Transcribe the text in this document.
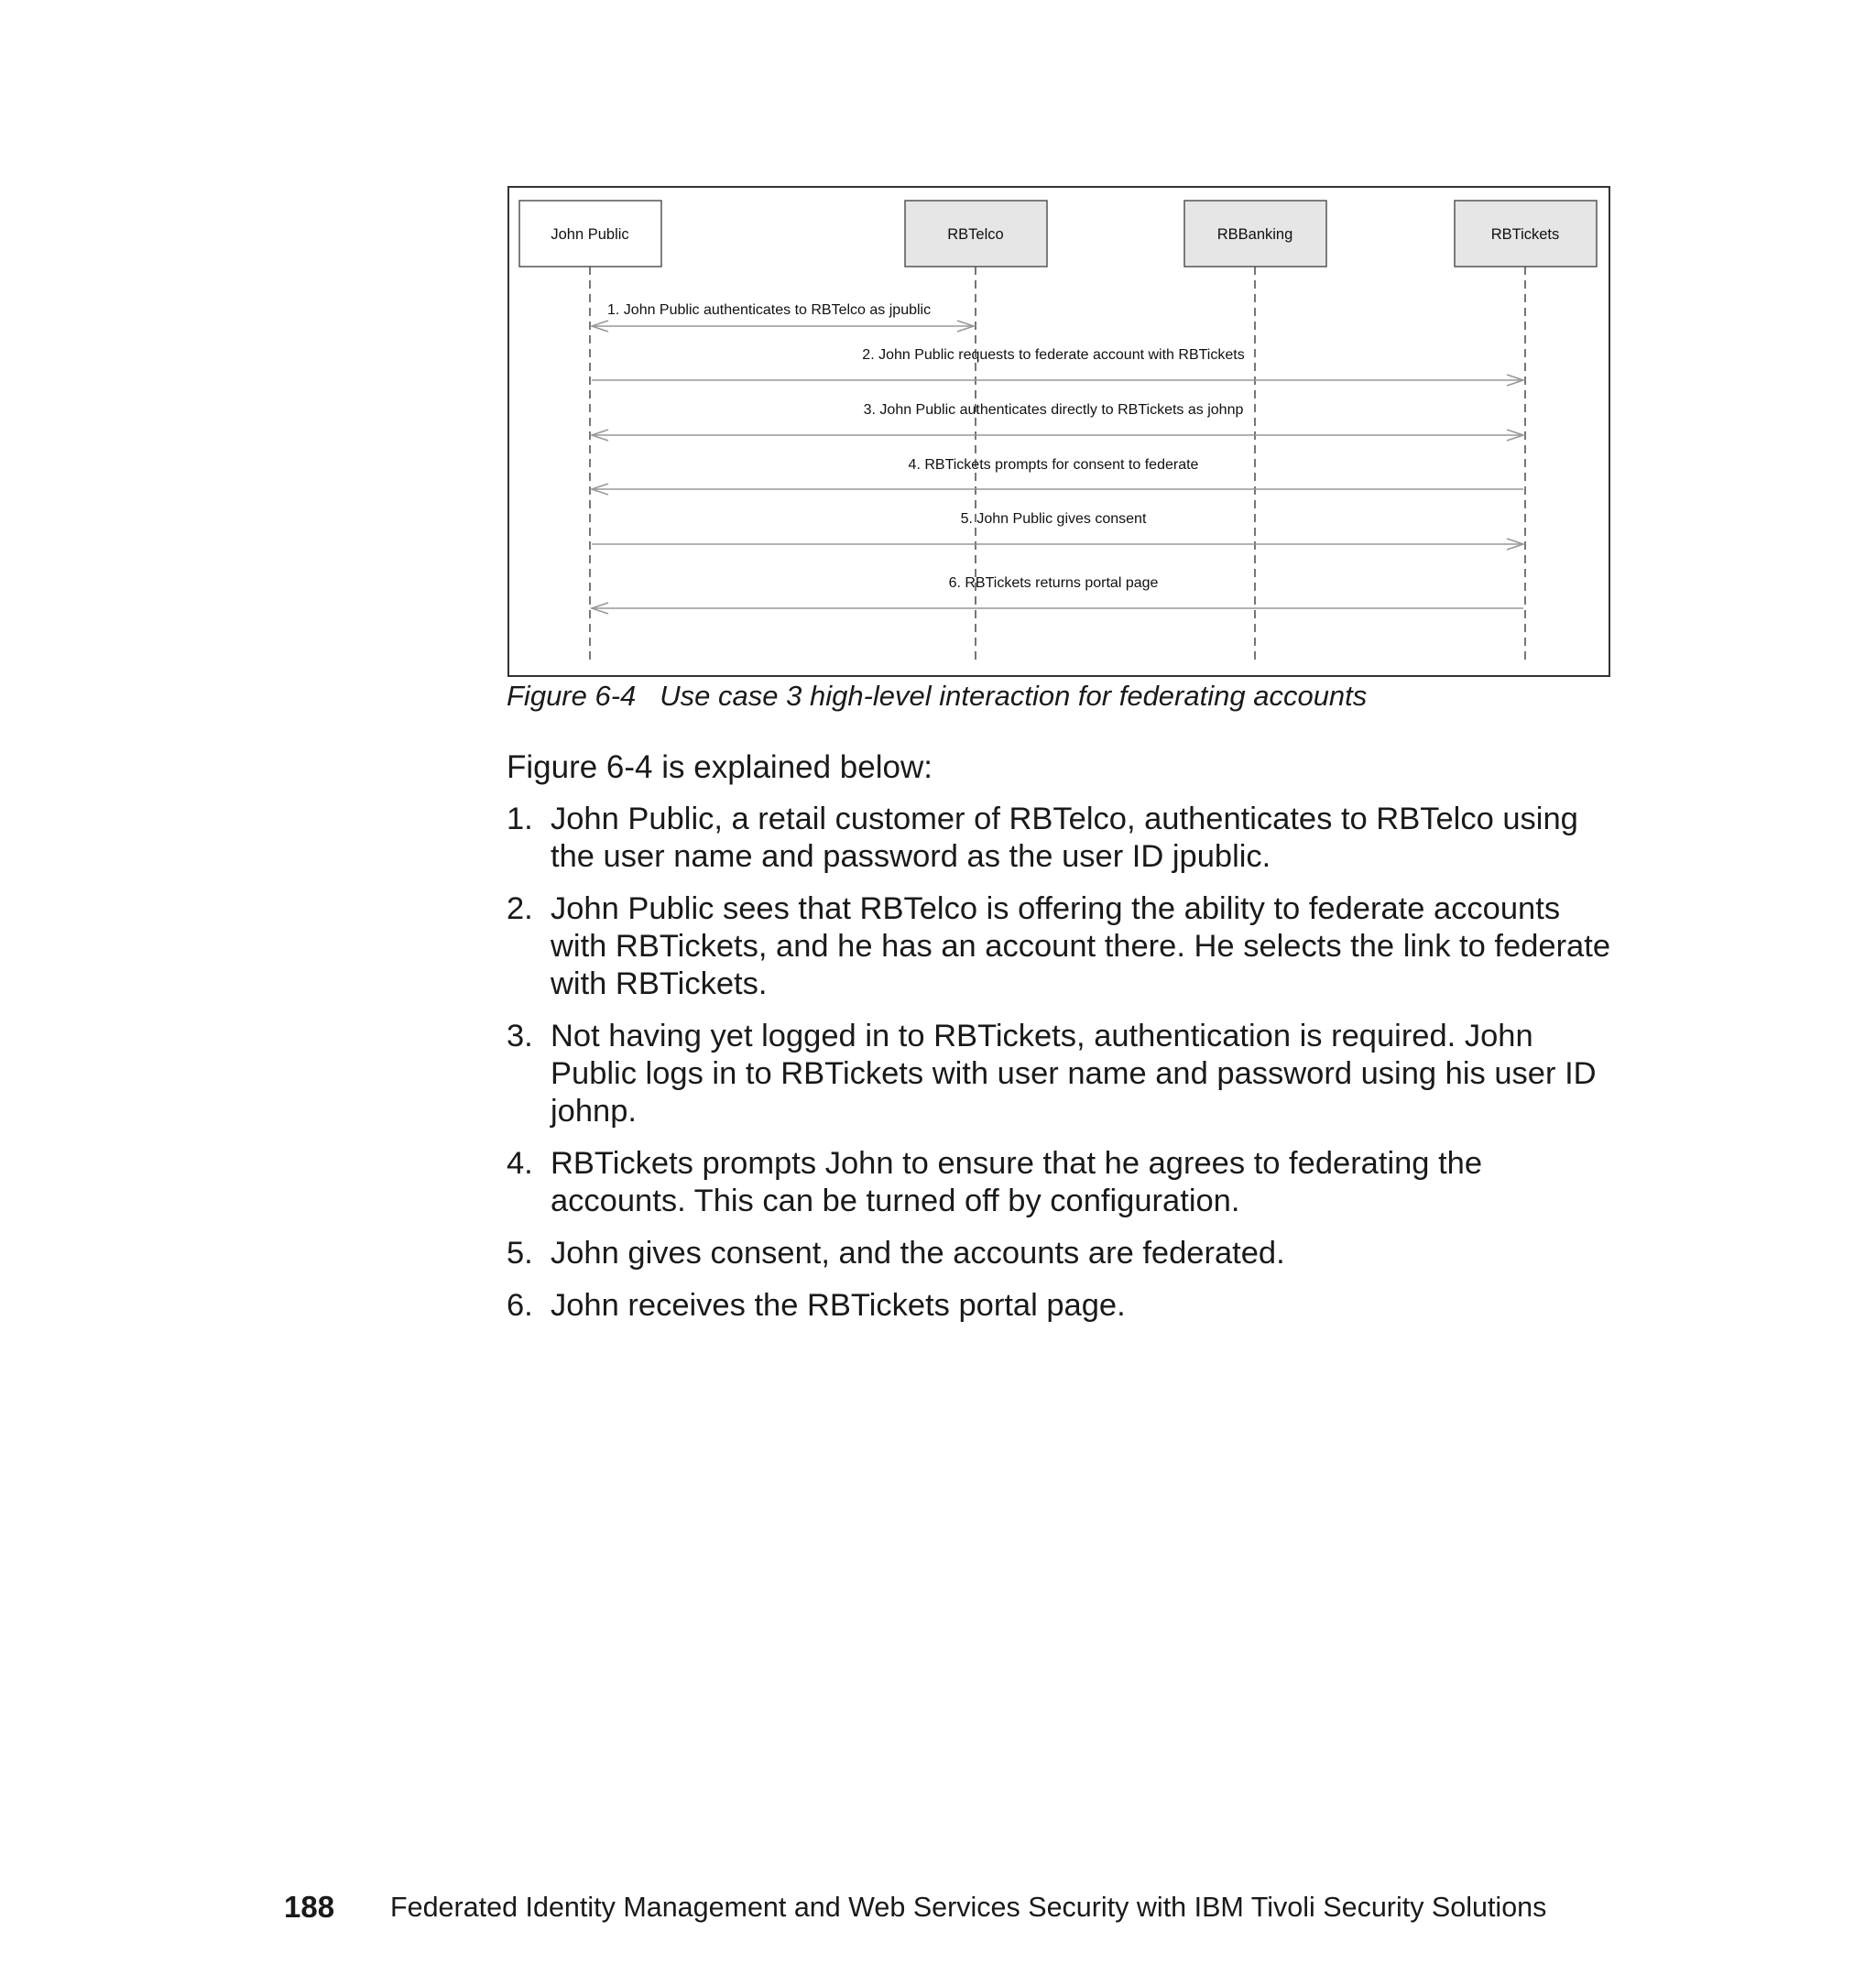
John Public	RBTelco	RBBanking	RBTickets
1. John Public authenticates to RBTelco as jpublic
2. John Public requests to federate account with RBTickets
3. John Public authenticates directly to RBTickets as johnp
4. RBTickets prompts for consent to federate
5. John Public gives consent
6. RBTickets returns portal page
Figure 6-4 Use case 3 high-level interaction for federating accounts
Figure 6-4 is explained below:
1. John Public, a retail customer of RBTelco, authenticates to RBTelco using the user name and password as the user ID jpublic.
2. John Public sees that RBTelco is offering the ability to federate accounts with RBTickets, and he has an account there. He selects the link to federate with RBTickets.
3. Not having yet logged in to RBTickets, authentication is required. John Public logs in to RBTickets with user name and password using his user ID johnp.
4. RBTickets prompts John to ensure that he agrees to federating the accounts. This can be turned off by configuration.
5. John gives consent, and the accounts are federated.
6. John receives the RBTickets portal page.
188 Federated Identity Management and Web Services Security with IBM Tivoli Security Solutions
